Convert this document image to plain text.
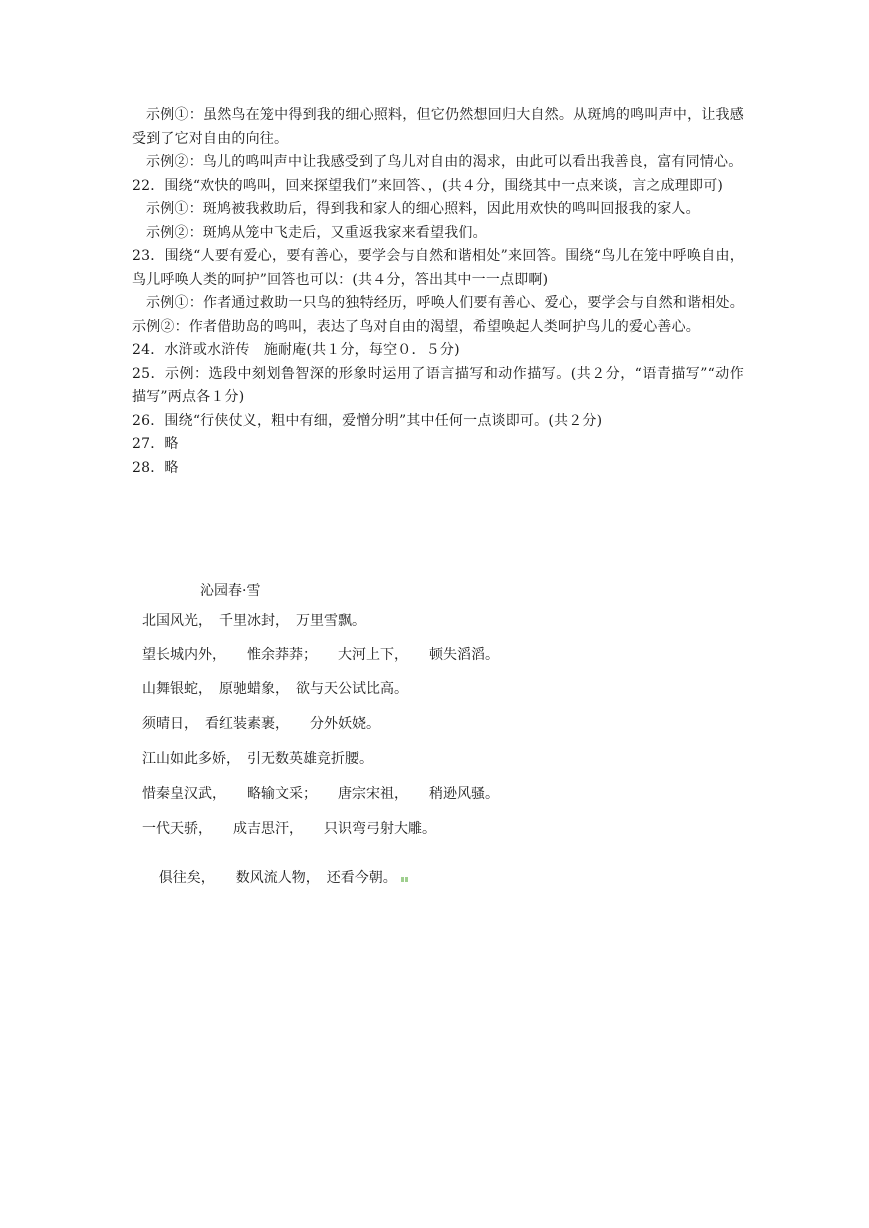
示例①：虽然鸟在笼中得到我的细心照料，但它仍然想回归大自然。从斑鸠的鸣叫声中，让我感受到了它对自由的向往。

示例②：鸟儿的鸣叫声中让我感受到了鸟儿对自由的渴求，由此可以看出我善良，富有同情心。

22．围绕“欢快的鸣叫，回来探望我们”来回答、，(共４分，围绕其中一点来谈，言之成理即可)

示例①：斑鸠被我救助后，得到我和家人的细心照料，因此用欢快的鸣叫回报我的家人。

示例②：斑鸠从笼中飞走后，又重返我家来看望我们。

23．围绕“人要有爱心，要有善心，要学会与自然和谐相处”来回答。围绕“鸟儿在笼中呼唤自由，鸟儿呼唤人类的呵护”回答也可以：(共４分，答出其中一一点即啊)

示例①：作者通过救助一只鸟的独特经历，呼唤人们要有善心、爱心，要学会与自然和谐相处。示例②：作者借助岛的鸣叫，表达了鸟对自由的渴望，希望唤起人类呵护鸟儿的爱心善心。

24．水浒或水浒传　施耐庵(共１分，每空０．５分)

25．示例：选段中刻划鲁智深的形象时运用了语言描写和动作描写。(共２分，“语青描写”“动作描写”两点各１分)

26．围绕“行侠仗义，粗中有细，爱憎分明”其中任何一点谈即可。(共２分)

27．略

28．略

沁园春·雪
北国风光，　千里冰封，　万里雪飘。
望长城内外，　　惟余莽莽；　　大河上下，　　顿失滔滔。
山舞银蛇，　原驰蜡象，　欲与天公试比高。
须晴日，　看红装素裹，　　分外妖娆。
江山如此多娇，　引无数英雄竞折腰。
惜秦皇汉武，　　略输文采；　　唐宗宋祖，　　稍逊风骚。
一代天骄，　　成吉思汗，　　只识弯弓射大雕。

俱往矣，　　数风流人物，　还看今朝。
